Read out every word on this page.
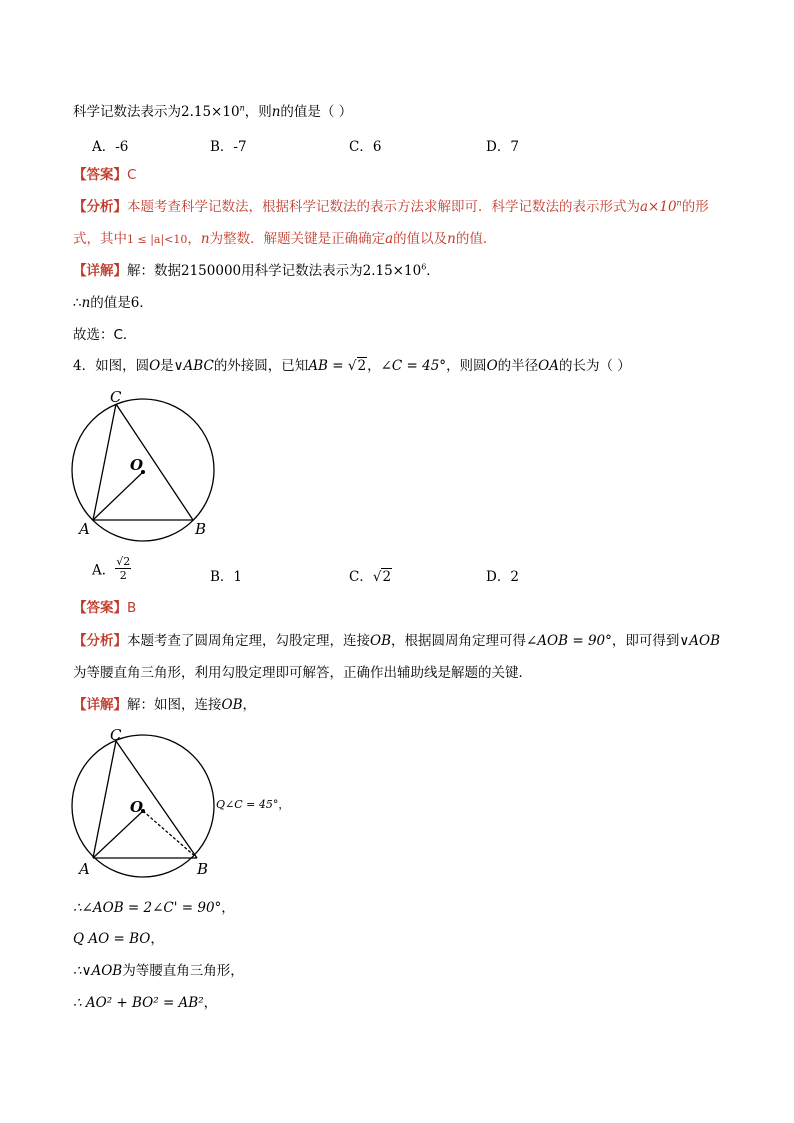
科学记数法表示为$2.15\times 10^n$，则n的值是（ ）
A．-6	B．-7	C．6	D．7
【答案】C
【分析】本题考查科学记数法，根据科学记数法的表示方法求解即可．科学记数法的表示形式为$a\times 10^n$的形
式，其中1 ≤ |a|<10，n为整数．解题关键是正确确定a的值以及n的值．
【详解】解：数据2150000用科学记数法表示为$2.15\times 10^6$．
∴n的值是6．
故选：C．
4．如图，圆O是∨ABC的外接圆，已知AB = √2，∠C = 45°，则圆O的半径OA的长为（ ）
C
O
A	B
A． $\frac{√2}{2}$	B．1	C．√2	D．2
【答案】B
【分析】本题考查了圆周角定理，勾股定理，连接OB，根据圆周角定理可得∠AOB = 90°，即可得到∨AOB
为等腰直角三角形，利用勾股定理即可解答，正确作出辅助线是解题的关键．
【详解】解：如图，连接OB，
C
O
A	B
Q∠C = 45°，
∴∠AOB = 2∠C' = 90°，
Q AO = BO，
∴∨AOB为等腰直角三角形，
∴ AO² + BO² = AB²，
